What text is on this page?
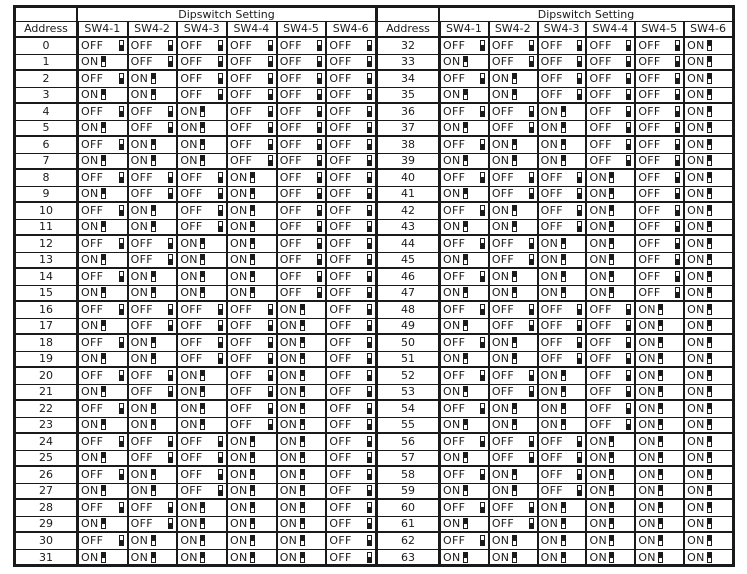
Dipswitch Setting
Address	SW4-1	SW4-2	SW4-3	SW4-4	SW4-5	SW4-6
0	OFF	OFF	OFF	OFF	OFF	OFF
1	ON	OFF	OFF	OFF	OFF	OFF
2	OFF	ON	OFF	OFF	OFF	OFF
3	ON	ON	OFF	OFF	OFF	OFF
4	OFF	OFF	ON	OFF	OFF	OFF
5	ON	OFF	ON	OFF	OFF	OFF
6	OFF	ON	ON	OFF	OFF	OFF
7	ON	ON	ON	OFF	OFF	OFF
8	OFF	OFF	OFF	ON	OFF	OFF
9	ON	OFF	OFF	ON	OFF	OFF
10	OFF	ON	OFF	ON	OFF	OFF
11	ON	ON	OFF	ON	OFF	OFF
12	OFF	OFF	ON	ON	OFF	OFF
13	ON	OFF	ON	ON	OFF	OFF
14	OFF	ON	ON	ON	OFF	OFF
15	ON	ON	ON	ON	OFF	OFF
16	OFF	OFF	OFF	OFF	ON	OFF
17	ON	OFF	OFF	OFF	ON	OFF
18	OFF	ON	OFF	OFF	ON	OFF
19	ON	ON	OFF	OFF	ON	OFF
20	OFF	OFF	ON	OFF	ON	OFF
21	ON	OFF	ON	OFF	ON	OFF
22	OFF	ON	ON	OFF	ON	OFF
23	ON	ON	ON	OFF	ON	OFF
24	OFF	OFF	OFF	ON	ON	OFF
25	ON	OFF	OFF	ON	ON	OFF
26	OFF	ON	OFF	ON	ON	OFF
27	ON	ON	OFF	ON	ON	OFF
28	OFF	OFF	ON	ON	ON	OFF
29	ON	OFF	ON	ON	ON	OFF
30	OFF	ON	ON	ON	ON	OFF
31	ON	ON	ON	ON	ON	OFF
Dipswitch Setting
Address	SW4-1	SW4-2	SW4-3	SW4-4	SW4-5	SW4-6
32	OFF	OFF	OFF	OFF	OFF	ON
33	ON	OFF	OFF	OFF	OFF	ON
34	OFF	ON	OFF	OFF	OFF	ON
35	ON	ON	OFF	OFF	OFF	ON
36	OFF	OFF	ON	OFF	OFF	ON
37	ON	OFF	ON	OFF	OFF	ON
38	OFF	ON	ON	OFF	OFF	ON
39	ON	ON	ON	OFF	OFF	ON
40	OFF	OFF	OFF	ON	OFF	ON
41	ON	OFF	OFF	ON	OFF	ON
42	OFF	ON	OFF	ON	OFF	ON
43	ON	ON	OFF	ON	OFF	ON
44	OFF	OFF	ON	ON	OFF	ON
45	ON	OFF	ON	ON	OFF	ON
46	OFF	ON	ON	ON	OFF	ON
47	ON	ON	ON	ON	OFF	ON
48	OFF	OFF	OFF	OFF	ON	ON
49	ON	OFF	OFF	OFF	ON	ON
50	OFF	ON	OFF	OFF	ON	ON
51	ON	ON	OFF	OFF	ON	ON
52	OFF	OFF	ON	OFF	ON	ON
53	ON	OFF	ON	OFF	ON	ON
54	OFF	ON	ON	OFF	ON	ON
55	ON	ON	ON	OFF	ON	ON
56	OFF	OFF	OFF	ON	ON	ON
57	ON	OFF	OFF	ON	ON	ON
58	OFF	ON	OFF	ON	ON	ON
59	ON	ON	OFF	ON	ON	ON
60	OFF	OFF	ON	ON	ON	ON
61	ON	OFF	ON	ON	ON	ON
62	OFF	ON	ON	ON	ON	ON
63	ON	ON	ON	ON	ON	ON
